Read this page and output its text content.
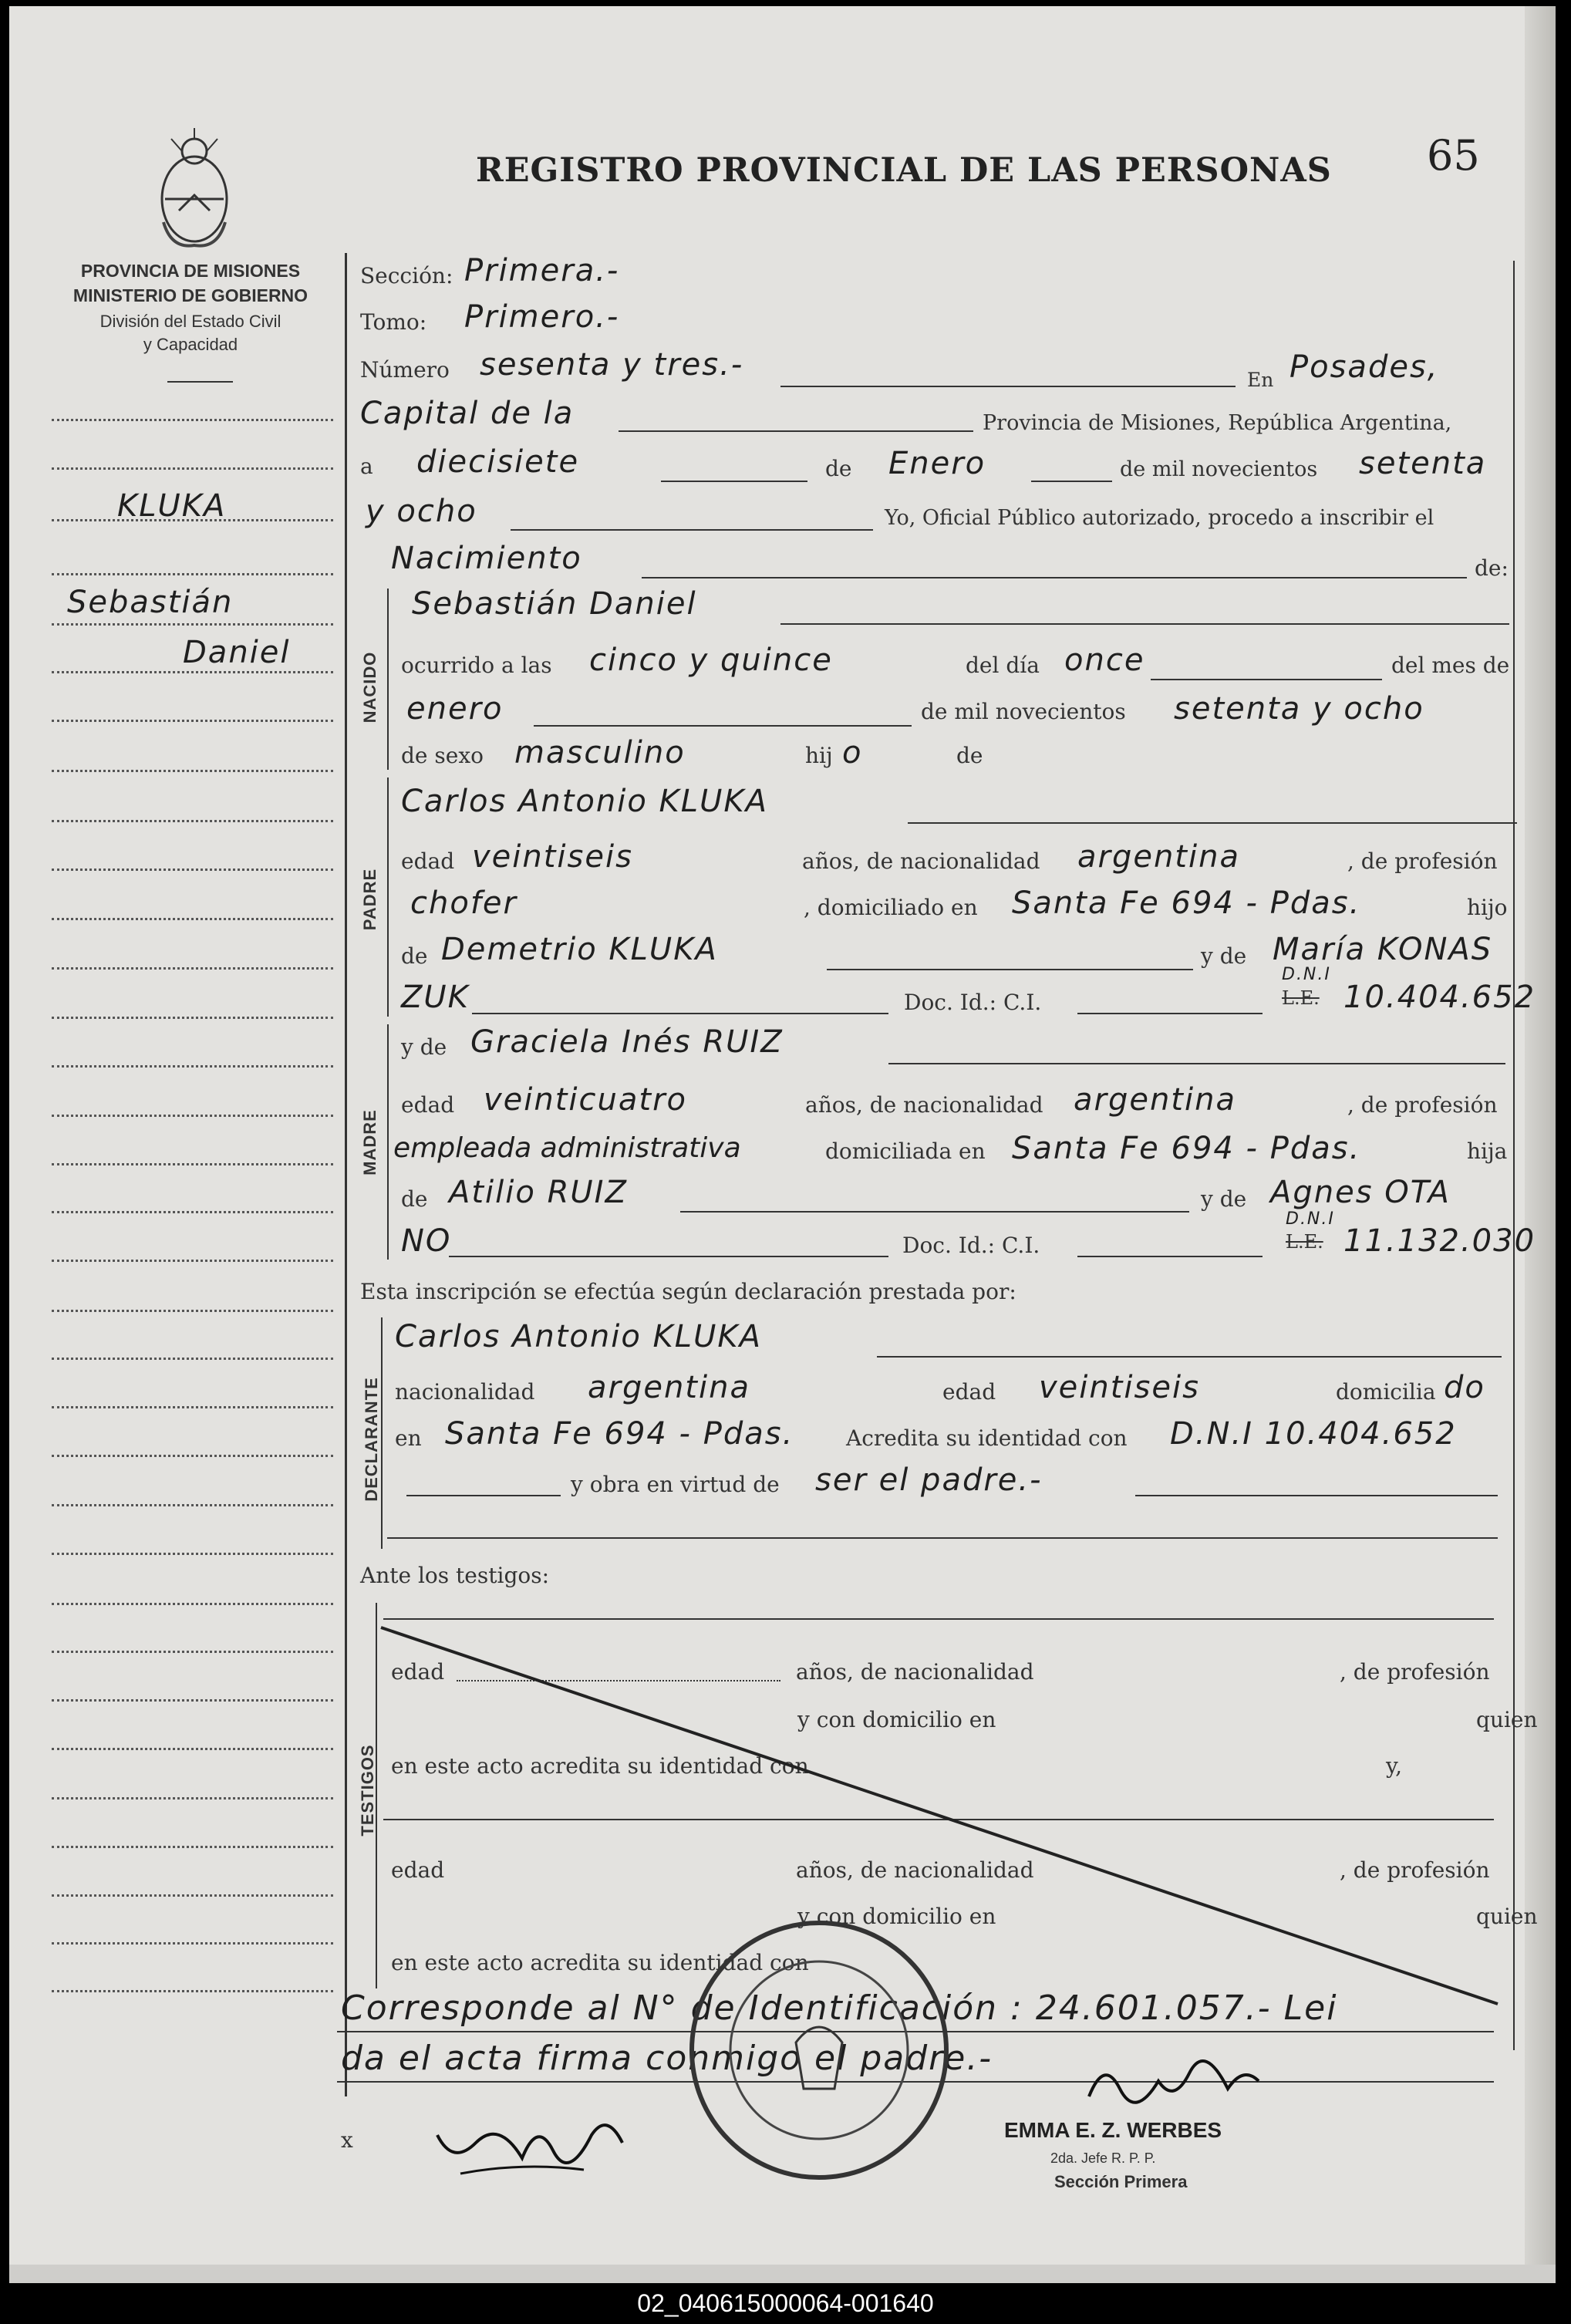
REGISTRO PROVINCIAL DE LAS PERSONAS 65
PROVINCIA DE MISIONES
MINISTERIO DE GOBIERNO
División del Estado Civil
y Capacidad
KLUKA
Sebastián
Daniel
Sección: Primera.-
Tomo: Primero.-
Número sesenta y tres.-	En Posades,
Capital de la	Provincia de Misiones, República Argentina,
a diecisiete	de Enero	de mil novecientos setenta
y ocho	Yo, Oficial Público autorizado, procedo a inscribir el
Nacimiento	de:
NACIDO
Sebastián Daniel
ocurrido a las cinco y quince	del día once	del mes de
enero	de mil novecientos setenta y ocho
de sexo masculino	hij o	de
PADRE
Carlos Antonio KLUKA
edad veintiseis	años, de nacionalidad argentina	, de profesión
chofer	, domiciliado en Santa Fe 694 - Pdas.	hijo
de Demetrio KLUKA	y de María KONAS
ZUK	Doc. Id.: C.I.
D.N.I
L.E. 10.404.652
MADRE
y de Graciela Inés RUIZ
edad veinticuatro	años, de nacionalidad argentina	, de profesión
empleada administrativa	domiciliada en Santa Fe 694 - Pdas.	hija
de Atilio RUIZ	y de Agnes OTA
NO	Doc. Id.: C.I.
D.N.I
L.E. 11.132.030
Esta inscripción se efectúa según declaración prestada por:
DECLARANTE
Carlos Antonio KLUKA
nacionalidad argentina	edad veintiseis	domicilia do
en Santa Fe 694 - Pdas. Acredita su identidad con D.N.I 10.404.652
y obra en virtud de ser el padre.-
Ante los testigos:
TESTIGOS
edad	años, de nacionalidad	, de profesión
y con domicilio en	quien
en este acto acredita su identidad con	y,
edad	años, de nacionalidad	, de profesión
y con domicilio en	quien
en este acto acredita su identidad con
Corresponde al N° de Identificación : 24.601.057.- Lei
da el acta firma conmigo el padre.-
x	EMMA E. Z. WERBES
2da. Jefe R. P. P.
Sección Primera
02_040615000064-001640
